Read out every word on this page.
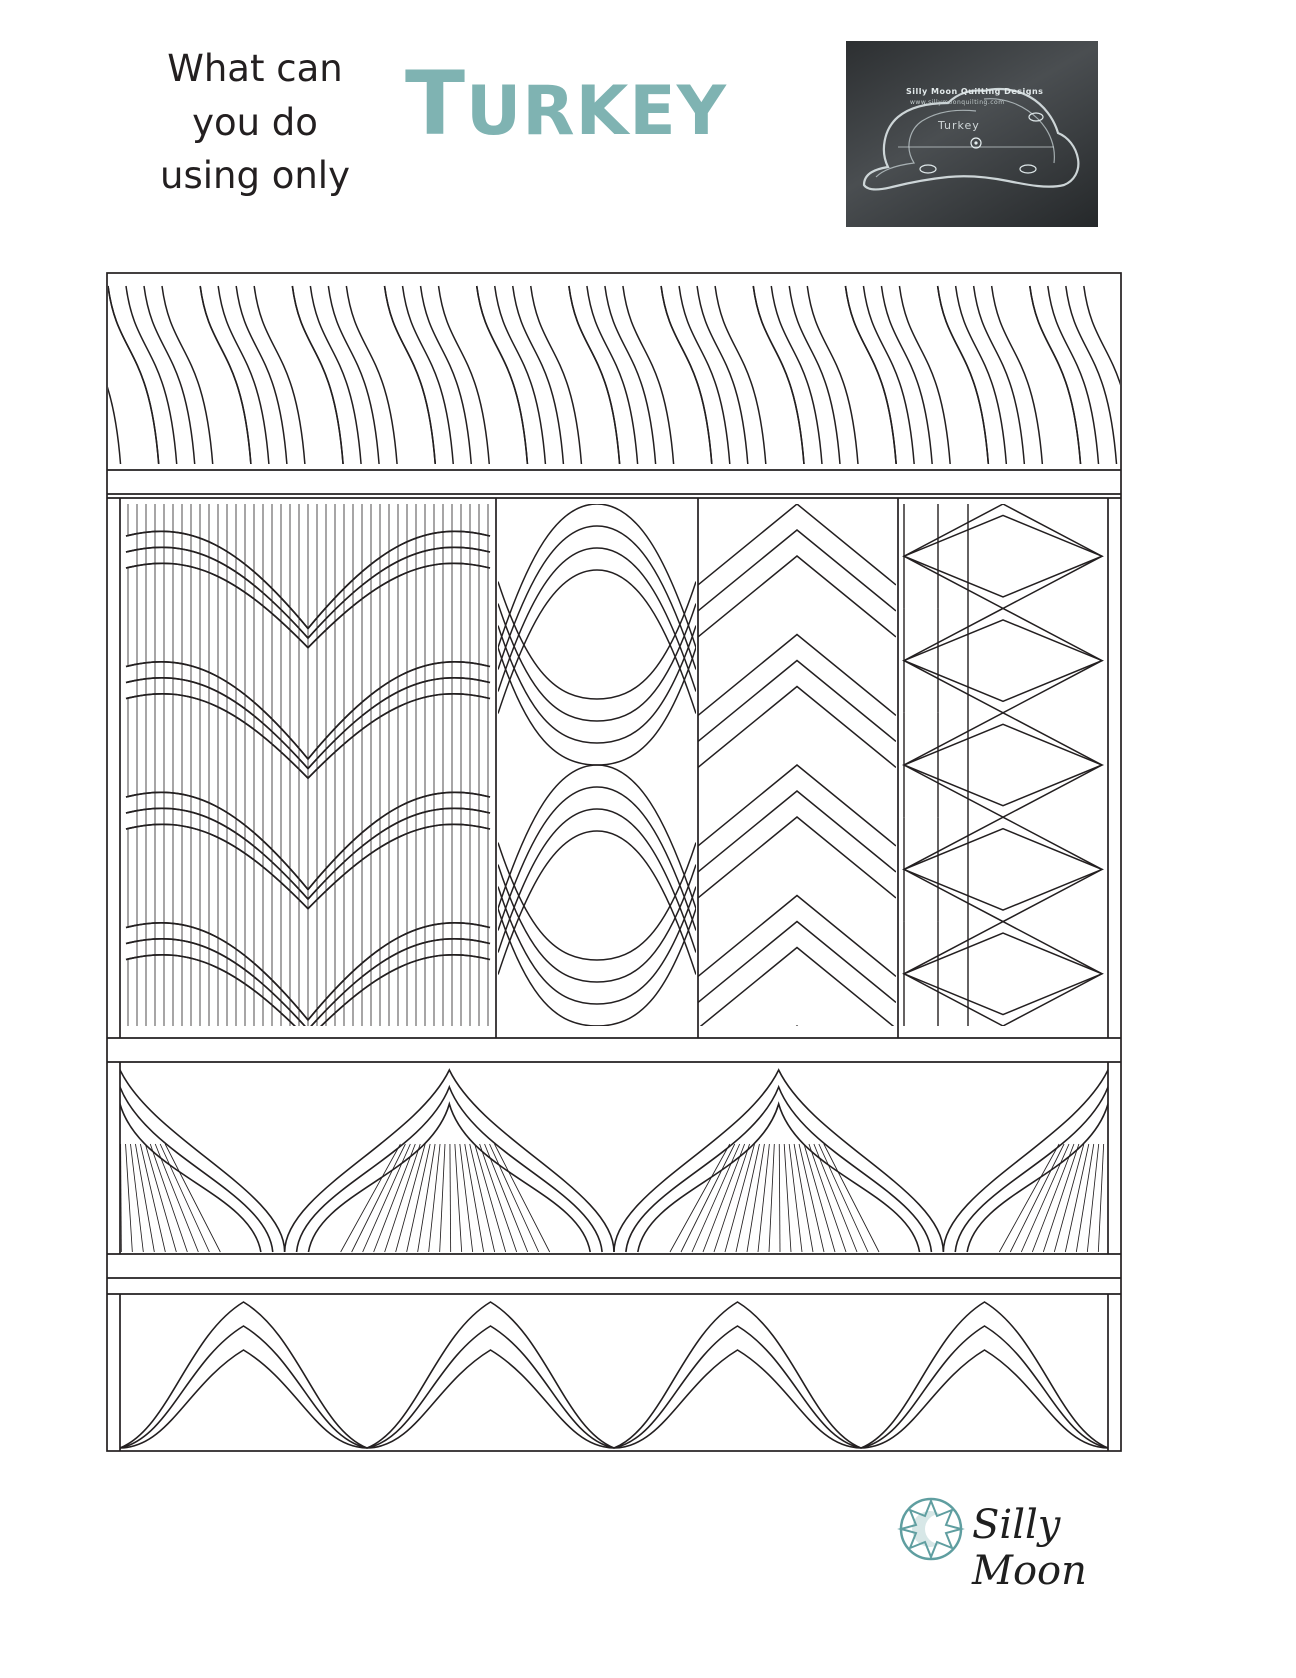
What can
you do
using only
TURKEY	Silly Moon Quilting Designs
www.sillymoonquilting.com
Turkey
Silly Moon
